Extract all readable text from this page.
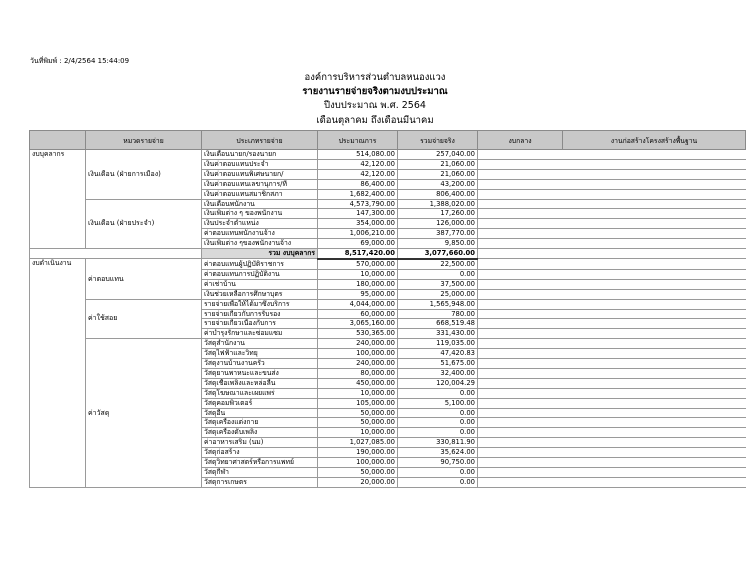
วันที่พิมพ์ : 2/4/2564 15:44:09
องค์การบริหารส่วนตำบลหนองแวง
รายงานรายจ่ายจริงตามงบประมาณ
ปีงบประมาณ พ.ศ. 2564
เดือนตุลาคม ถึงเดือนมีนาคม
	หมวดรายจ่าย	ประเภทรายจ่าย	ประมาณการ	รวมจ่ายจริง	งบกลาง	งานก่อสร้างโครงสร้างพื้นฐาน
งบบุคลากร	เงินเดือน (ฝ่ายการเมือง)	เงินเดือนนายก/รองนายก	514,080.00	257,040.00		
		เงินค่าตอบแทนประจำ	42,120.00	21,060.00		
		เงินค่าตอบแทนพิเศษนายก/	42,120.00	21,060.00		
		เงินค่าตอบแทนเลขานุการ/ที่	86,400.00	43,200.00		
		เงินค่าตอบแทนสมาชิกสภา	1,682,400.00	806,400.00		
	เงินเดือน (ฝ่ายประจำ)	เงินเดือนพนักงาน	4,573,790.00	1,388,020.00		
		เงินเพิ่มต่าง ๆ ของพนักงาน	147,300.00	17,260.00		
		เงินประจำตำแหน่ง	354,000.00	126,000.00		
		ค่าตอบแทนพนักงานจ้าง	1,006,210.00	387,770.00		
		เงินเพิ่มต่าง ๆของพนักงานจ้าง	69,000.00	9,850.00		
		รวม งบบุคลากร	8,517,420.00	3,077,660.00		
งบดำเนินงาน	ค่าตอบแทน	ค่าตอบแทนผู้ปฏิบัติราชการ	570,000.00	22,500.00		
		ค่าตอบแทนการปฏิบัติงาน	10,000.00	0.00		
		ค่าเช่าบ้าน	180,000.00	37,500.00		
		เงินช่วยเหลือการศึกษาบุตร	95,000.00	25,000.00		
	ค่าใช้สอย	รายจ่ายเพื่อให้ได้มาซึ่งบริการ	4,044,000.00	1,565,948.00		
		รายจ่ายเกี่ยวกับการรับรอง	60,000.00	780.00		
		รายจ่ายเกี่ยวเนื่องกับการ	3,065,160.00	668,519.48		
		ค่าบำรุงรักษาและซ่อมแซม	530,365.00	331,430.00		
	ค่าวัสดุ	วัสดุสำนักงาน	240,000.00	119,035.00		
		วัสดุไฟฟ้าและวิทยุ	100,000.00	47,420.83		
		วัสดุงานบ้านงานครัว	240,000.00	51,675.00		
		วัสดุยานพาหนะและขนส่ง	80,000.00	32,400.00		
		วัสดุเชื้อเพลิงและหล่อลื่น	450,000.00	120,004.29		
		วัสดุโฆษณาและเผยแพร่	10,000.00	0.00		
		วัสดุคอมพิวเตอร์	105,000.00	5,100.00		
		วัสดุอื่น	50,000.00	0.00		
		วัสดุเครื่องแต่งกาย	50,000.00	0.00		
		วัสดุเครื่องดับเพลิง	10,000.00	0.00		
		ค่าอาหารเสริม (นม)	1,027,085.00	330,811.90		
		วัสดุก่อสร้าง	190,000.00	35,624.00		
		วัสดุวิทยาศาสตร์หรือการแพทย์	100,000.00	90,750.00		
		วัสดุกีฬา	50,000.00	0.00		
		วัสดุการเกษตร	20,000.00	0.00		
